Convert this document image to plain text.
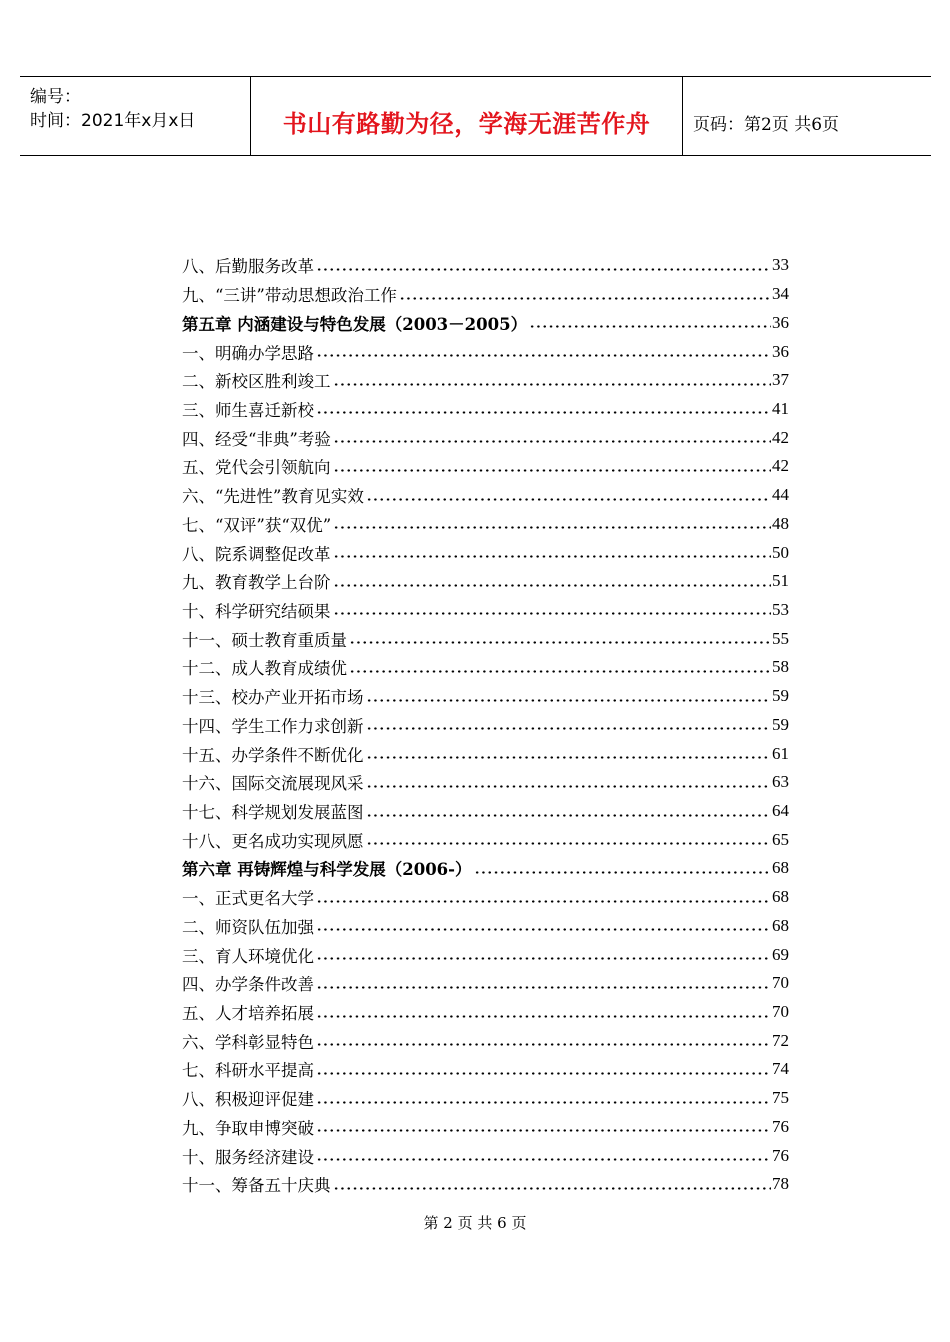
编号：
时间：2021年x月x日	书山有路勤为径，学海无涯苦作舟	页码：第2页 共6页
八、后勤服务改革	33
九、“三讲”带动思想政治工作	34
第五章 内涵建设与特色发展（2003－2005）	36
一、明确办学思路	36
二、新校区胜利竣工	37
三、师生喜迁新校	41
四、经受“非典”考验	42
五、党代会引领航向	42
六、“先进性”教育见实效	44
七、“双评”获“双优”	48
八、院系调整促改革	50
九、教育教学上台阶	51
十、科学研究结硕果	53
十一、硕士教育重质量	55
十二、成人教育成绩优	58
十三、校办产业开拓市场	59
十四、学生工作力求创新	59
十五、办学条件不断优化	61
十六、国际交流展现风采	63
十七、科学规划发展蓝图	64
十八、更名成功实现夙愿	65
第六章 再铸辉煌与科学发展（2006-）	68
一、正式更名大学	68
二、师资队伍加强	68
三、育人环境优化	69
四、办学条件改善	70
五、人才培养拓展	70
六、学科彰显特色	72
七、科研水平提高	74
八、积极迎评促建	75
九、争取申博突破	76
十、服务经济建设	76
十一、筹备五十庆典	78
第 2 页 共 6 页
